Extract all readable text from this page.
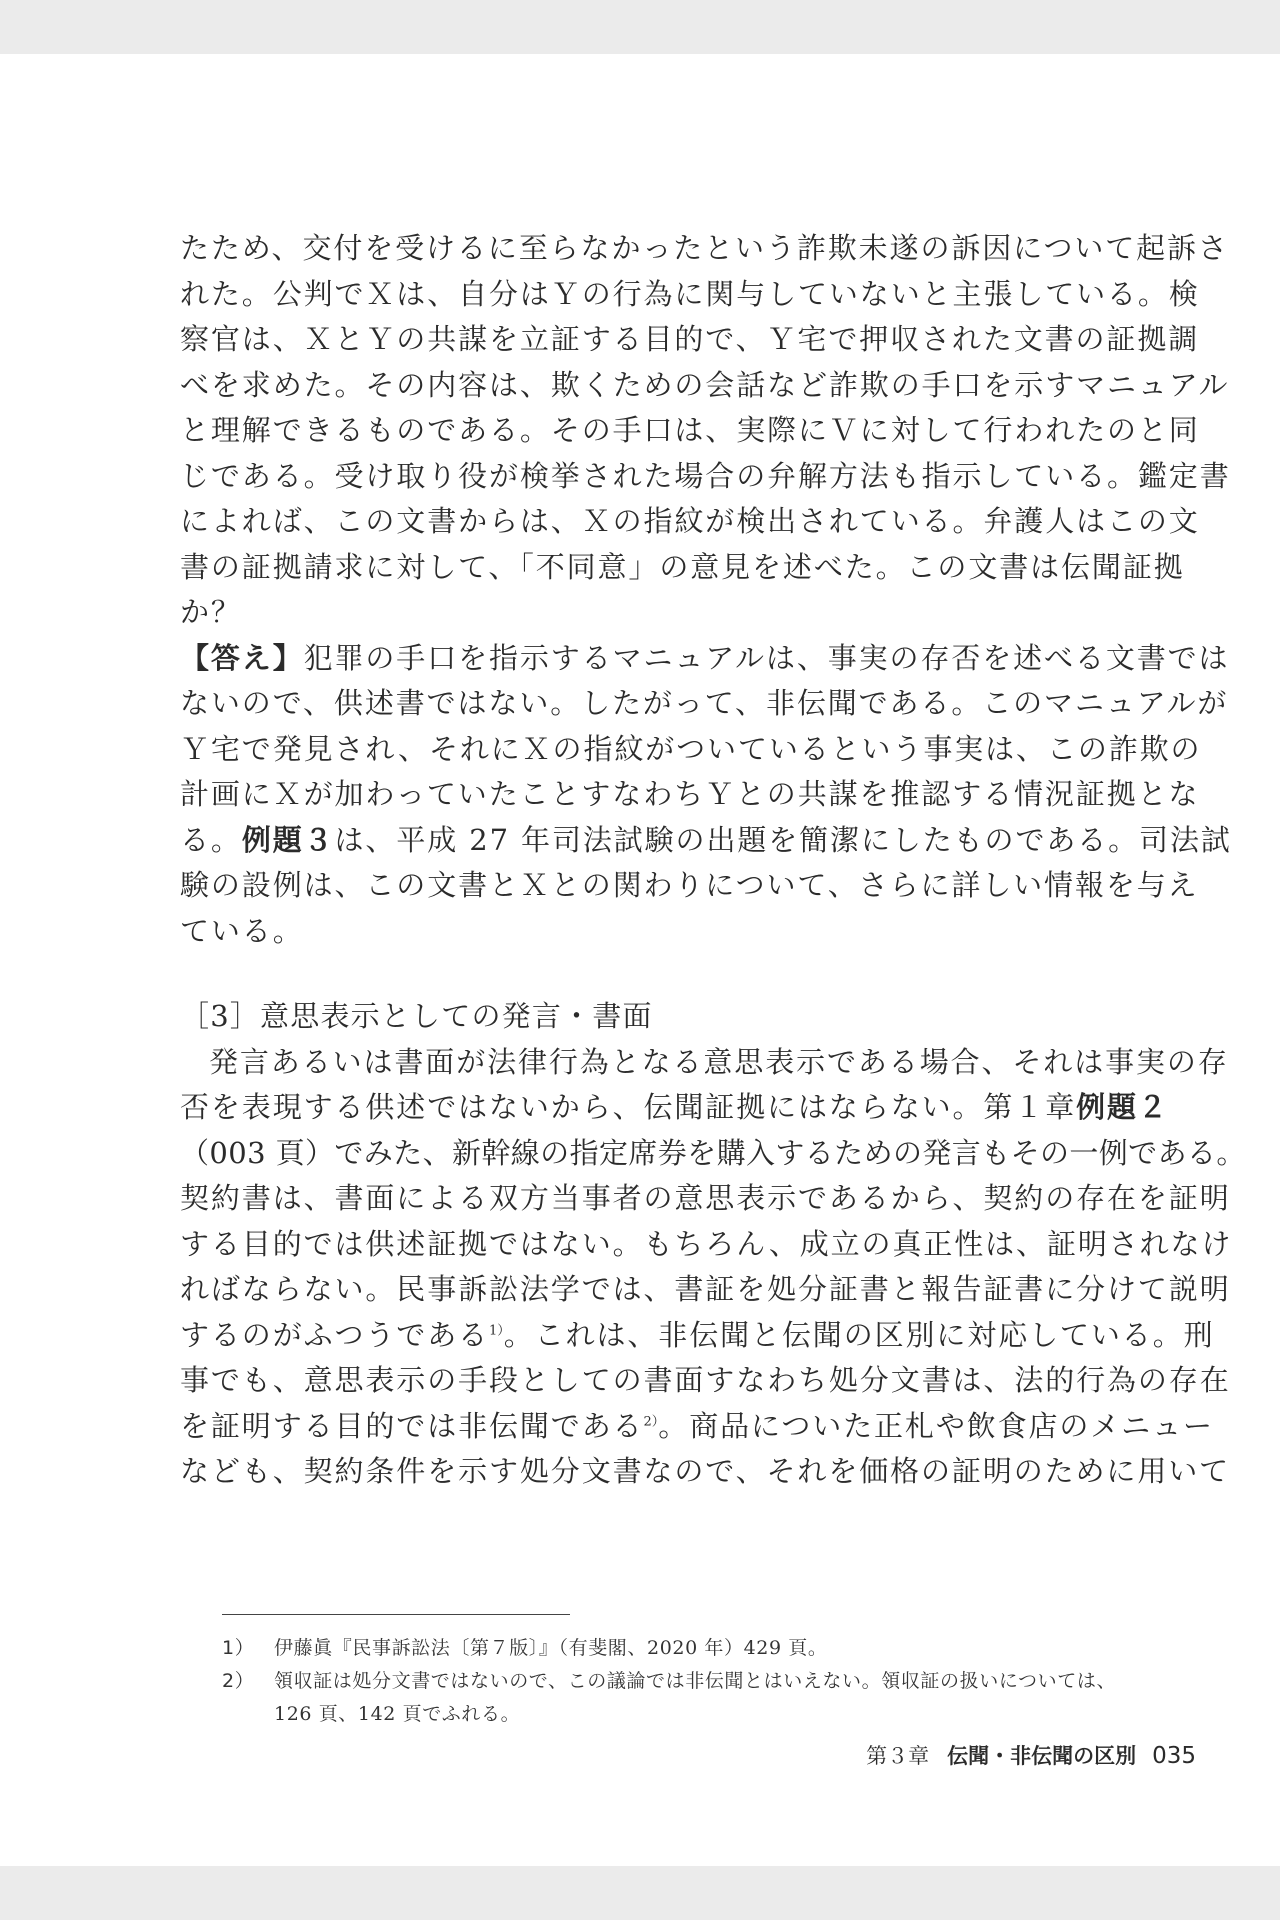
たため、交付を受けるに至らなかったという詐欺未遂の訴因について起訴さ
れた。公判でＸは、自分はＹの行為に関与していないと主張している。検
察官は、ＸとＹの共謀を立証する目的で、Ｙ宅で押収された文書の証拠調
べを求めた。その内容は、欺くための会話など詐欺の手口を示すマニュアル
と理解できるものである。その手口は、実際にＶに対して行われたのと同
じである。受け取り役が検挙された場合の弁解方法も指示している。鑑定書
によれば、この文書からは、Ｘの指紋が検出されている。弁護人はこの文
書の証拠請求に対して、「不同意」の意見を述べた。この文書は伝聞証拠
か？
【答え】犯罪の手口を指示するマニュアルは、事実の存否を述べる文書では
ないので、供述書ではない。したがって、非伝聞である。このマニュアルが
Ｙ宅で発見され、それにＸの指紋がついているという事実は、この詐欺の
計画にＸが加わっていたことすなわちＹとの共謀を推認する情況証拠とな
る。例題３は、平成 27 年司法試験の出題を簡潔にしたものである。司法試
験の設例は、この文書とＸとの関わりについて、さらに詳しい情報を与え
ている。
［3］意思表示としての発言・書面
発言あるいは書面が法律行為となる意思表示である場合、それは事実の存
否を表現する供述ではないから、伝聞証拠にはならない。第１章例題２
（003 頁）でみた、新幹線の指定席券を購入するための発言もその一例である。
契約書は、書面による双方当事者の意思表示であるから、契約の存在を証明
する目的では供述証拠ではない。もちろん、成立の真正性は、証明されなけ
ればならない。民事訴訟法学では、書証を処分証書と報告証書に分けて説明
するのがふつうである$^{1)}$。これは、非伝聞と伝聞の区別に対応している。刑
事でも、意思表示の手段としての書面すなわち処分文書は、法的行為の存在
を証明する目的では非伝聞である$^{2)}$。商品についた正札や飲食店のメニュー
なども、契約条件を示す処分文書なので、それを価格の証明のために用いて
1）	伊藤眞『民事訴訟法〔第７版〕』（有斐閣、2020 年）429 頁。
2）	領収証は処分文書ではないので、この議論では非伝聞とはいえない。領収証の扱いについては、126 頁、142 頁でふれる。
第３章 伝聞・非伝聞の区別 035
